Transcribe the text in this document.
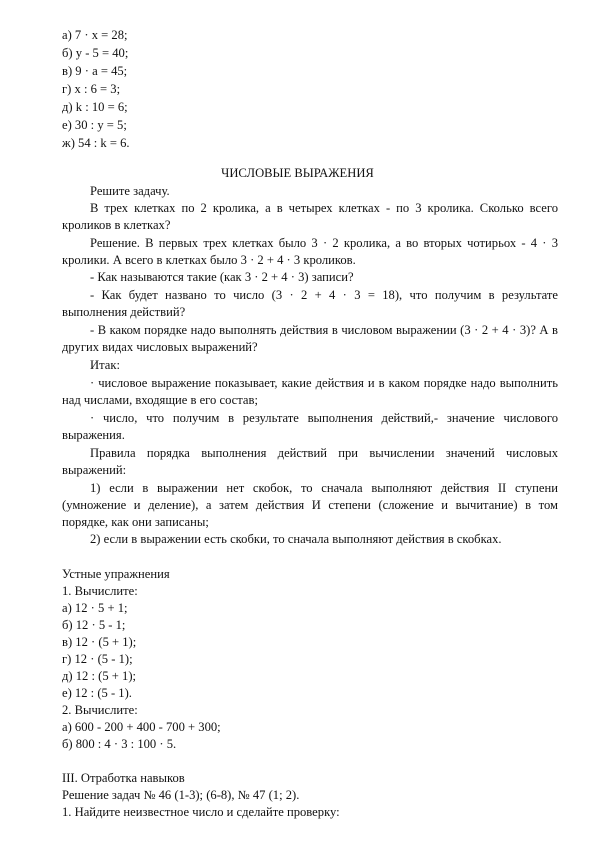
а) 7 · х = 28;
б) у - 5 = 40;
в) 9 · а = 45;
г) х : 6 = 3;
д) k : 10 = 6;
е) 30 : у = 5;
ж) 54 : k = 6.
ЧИСЛОВЫЕ ВЫРАЖЕНИЯ
Решите задачу.
В трех клетках по 2 кролика, а в четырех клетках - по 3 кролика. Сколько всего
кроликов в клетках?
Решение. В первых трех клетках было 3 · 2 кролика, а во вторых чотирьох - 4 · 3
кролики. А всего в клетках было 3 · 2 + 4 · 3 кроликов.
- Как называются такие (как 3 · 2 + 4 · 3) записи?
- Как будет названо то число (3 · 2 + 4 · 3 = 18), что получим в результате
выполнения действий?
- В каком порядке надо выполнять действия в числовом выражении (3 · 2 + 4 · 3)? А в
других видах числовых выражений?
Итак:
· числовое выражение показывает, какие действия и в каком порядке надо выполнить
над числами, входящие в его состав;
· число, что получим в результате выполнения действий,- значение числового
выражения.
Правила порядка выполнения действий при вычислении значений числовых
выражений:
1) если в выражении нет скобок, то сначала выполняют действия II ступени
(умножение и деление), а затем действия И степени (сложение и вычитание) в том
порядке, как они записаны;
2) если в выражении есть скобки, то сначала выполняют действия в скобках.
Устные упражнения
1. Вычислите:
а) 12 · 5 + 1;
б) 12 · 5 - 1;
в) 12 · (5 + 1);
г) 12 · (5 - 1);
д) 12 : (5 + 1);
е) 12 : (5 - 1).
2. Вычислите:
а) 600 - 200 + 400 - 700 + 300;
б) 800 : 4 · 3 : 100 · 5.
III. Отработка навыков
Решение задач № 46 (1-3); (6-8), № 47 (1; 2).
1. Найдите неизвестное число и сделайте проверку:
